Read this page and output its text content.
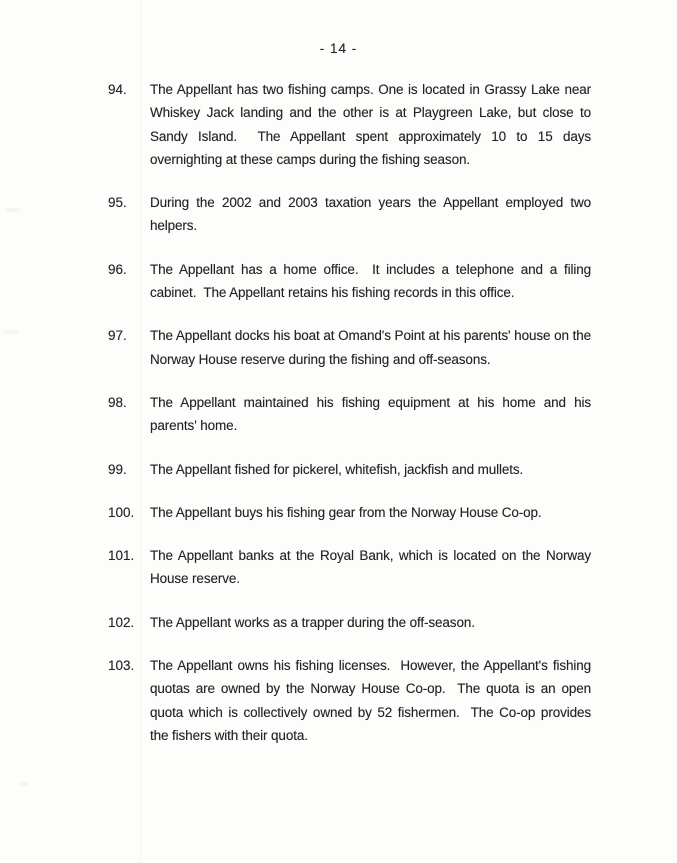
- 14 -
94.	The Appellant has two fishing camps. One is located in Grassy Lake near Whiskey Jack landing and the other is at Playgreen Lake, but close to Sandy Island.  The Appellant spent approximately 10 to 15 days overnighting at these camps during the fishing season.
95.	During the 2002 and 2003 taxation years the Appellant employed two helpers.
96.	The Appellant has a home office.  It includes a telephone and a filing cabinet.  The Appellant retains his fishing records in this office.
97.	The Appellant docks his boat at Omand's Point at his parents' house on the Norway House reserve during the fishing and off-seasons.
98.	The Appellant maintained his fishing equipment at his home and his parents' home.
99.	The Appellant fished for pickerel, whitefish, jackfish and mullets.
100.	The Appellant buys his fishing gear from the Norway House Co-op.
101.	The Appellant banks at the Royal Bank, which is located on the Norway House reserve.
102.	The Appellant works as a trapper during the off-season.
103.	The Appellant owns his fishing licenses.  However, the Appellant's fishing quotas are owned by the Norway House Co-op.  The quota is an open quota which is collectively owned by 52 fishermen.  The Co-op provides the fishers with their quota.
